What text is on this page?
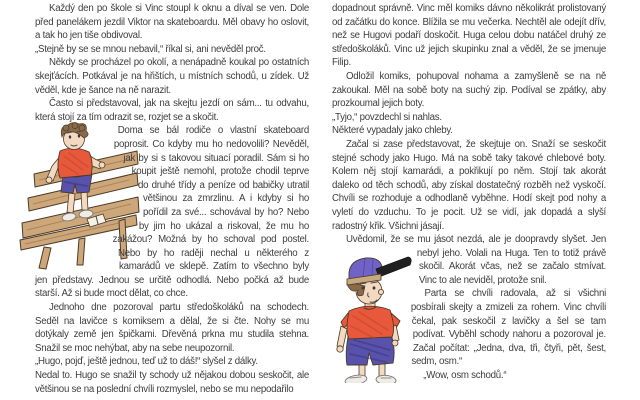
Každý den po škole si Vinc stoupl k oknu a díval se ven. Dole před panelákem jezdil Viktor na skateboardu. Měl obavy ho oslovit, a tak ho jen tiše obdivoval.

„Stejně by se se mnou nebavil,“ říkal si, ani nevěděl proč.

Někdy se procházel po okolí, a nenápadně koukal po ostatních skejťácích. Potkával je na hřištích, u místních schodů, u zídek. Už věděl, kde je šance na ně narazit.

Často si představoval, jak na skejtu jezdí on sám... tu odvahu, která stojí za tím odrazit se, rozjet se a skočit.

Doma se bál rodiče o vlastní skateboard poprosit. Co kdyby mu ho nedovolili? Nevěděl, jak by si s takovou situací poradil. Sám si ho koupit ještě nemohl, protože chodil teprve do druhé třídy a peníze od babičky utratil většinou za zmrzlinu. A i kdyby si ho pořídil za své... schovával by ho? Nebo by jim ho ukázal a riskoval, že mu ho zakážou? Možná by ho schoval pod postel. Nebo by ho raději nechal u některého z kamarádů ve sklepě. Zatím to všechno byly jen představy. Jednou se určitě odhodlá. Nebo počká až bude starší. Až si bude moct dělat, co chce.

Jednoho dne pozoroval partu středoškoláků na schodech. Seděl na lavičce s komiksem a dělal, že si čte. Nohy se mu dotýkaly země jen špičkami. Dřevěná prkna mu studila stehna. Snažil se moc nehýbat, aby na sebe neupozornil.

„Hugo, pojď, ještě jednou, teď už to dáš!“ slyšel z dálky.

Nedal to. Hugo se snažil ty schody už nějakou dobou seskočit, ale většinou se na poslední chvíli rozmyslel, nebo se mu nepodařilo

dopadnout správně. Vinc měl komiks dávno několikrát prolistovaný od začátku do konce. Blížila se mu večerka. Nechtěl ale odejít dřív, než se Hugovi podaří doskočit. Huga celou dobu natáčel druhý ze středoškoláků. Vinc už jejich skupinku znal a věděl, že se jmenuje Filip.

Odložil komiks, pohupoval nohama a zamyšleně se na ně zakoukal. Měl na sobě boty na suchý zip. Podíval se zpátky, aby prozkoumal jejich boty.

„Tyjo,“ povzdechl si nahlas.

Některé vypadaly jako chleby.

Začal si zase představovat, že skejtuje on. Snaží se seskočit stejné schody jako Hugo. Má na sobě taky takové chlebové boty. Kolem něj stojí kamarádi, a pokřikují po něm. Stojí tak akorát daleko od těch schodů, aby získal dostatečný rozběh než vyskočí. Chvíli se rozhoduje a odhodlaně vyběhne. Hodí skejt pod nohy a vyletí do vzduchu. To je pocit. Už se vidí, jak dopadá a slyší radostný křik. Všichni jásají.

Uvědomil, že se mu jásot nezdá, ale je doopravdy slyšet. Jen nebyl jeho. Volali na Huga. Ten to totiž právě skočil. Akorát včas, než se začalo stmívat. Vinc to ale neviděl, protože snil.

Parta se chvíli radovala, až si všichni posbírali skejty a zmizeli za rohem. Vinc chvíli čekal, pak seskočil z lavičky a šel se tam podívat. Vyběhl schody nahoru a pozoroval je. Začal počítat: „Jedna, dva, tři, čtyři, pět, šest, sedm, osm.“

„Wow, osm schodů.“
